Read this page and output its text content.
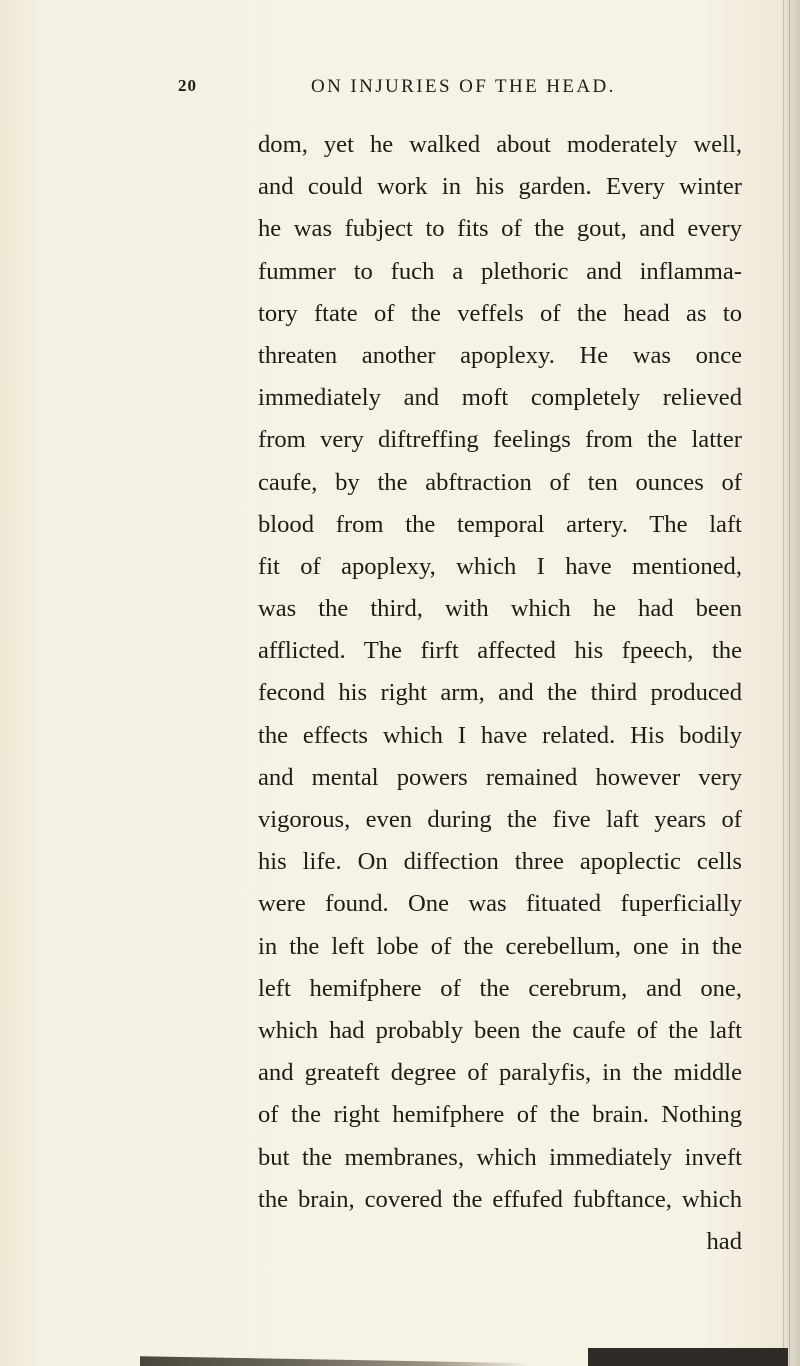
20	ON INJURIES OF THE HEAD.
dom, yet he walked about moderately well,
and could work in his garden. Every winter
he was fubject to fits of the gout, and every
fummer to fuch a plethoric and inflamma-
tory ftate of the veffels of the head as to
threaten another apoplexy. He was once
immediately and moft completely relieved
from very diftreffing feelings from the latter
caufe, by the abftraction of ten ounces of
blood from the temporal artery. The laft
fit of apoplexy, which I have mentioned,
was the third, with which he had been
afflicted. The firft affected his fpeech, the
fecond his right arm, and the third produced
the effects which I have related. His bodily
and mental powers remained however very
vigorous, even during the five laft years of
his life. On diffection three apoplectic cells
were found. One was fituated fuperficially
in the left lobe of the cerebellum, one in the
left hemifphere of the cerebrum, and one,
which had probably been the caufe of the laft
and greateft degree of paralyfis, in the middle
of the right hemifphere of the brain. Nothing
but the membranes, which immediately inveft
the brain, covered the effufed fubftance, which
had
